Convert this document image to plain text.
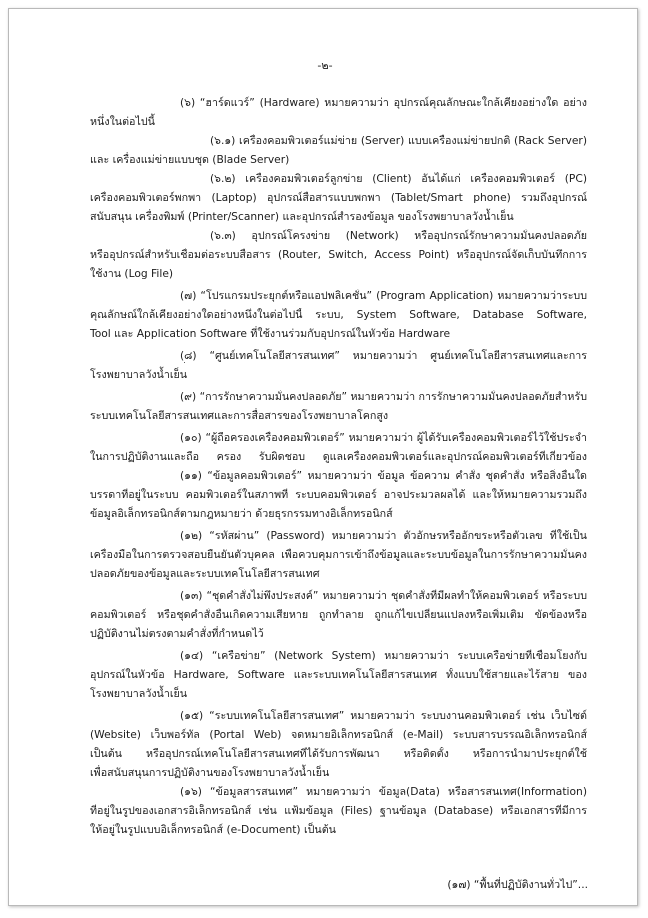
-๒-
(๖) “ฮาร์ดแวร์” (Hardware) หมายความว่า อุปกรณ์คุณลักษณะใกล้เคียงอย่างใด อย่าง
หนึ่งในต่อไปนี้
(๖.๑) เครื่องคอมพิวเตอร์แม่ข่าย (Server) แบบเครื่องแม่ข่ายปกติ (Rack Server)
และ เครื่องแม่ข่ายแบบชุด (Blade Server)
(๖.๒) เครื่องคอมพิวเตอร์ลูกข่าย (Client) อันได้แก่ เครื่องคอมพิวเตอร์ (PC)
เครื่องคอมพิวเตอร์พกพา (Laptop) อุปกรณ์สื่อสารแบบพกพา (Tablet/Smart phone) รวมถึงอุปกรณ์
สนับสนุน เครื่องพิมพ์ (Printer/Scanner) และอุปกรณ์สำรองข้อมูล ของโรงพยาบาลวังน้ำเย็น
(๖.๓) อุปกรณ์โครงข่าย (Network) หรืออุปกรณ์รักษาความมั่นคงปลอดภัย
หรืออุปกรณ์สำหรับเชื่อมต่อระบบสื่อสาร (Router, Switch, Access Point) หรืออุปกรณ์จัดเก็บบันทึกการ
ใช้งาน (Log File)
(๗) “โปรแกรมประยุกต์หรือแอปพลิเคชั่น” (Program Application) หมายความว่าระบบ
คุณลักษณ์ใกล้เคียงอย่างใดอย่างหนึ่งในต่อไปนี้ ระบบ, System Software, Database Software,
Tool และ Application Software ที่ใช้งานร่วมกับอุปกรณ์ในหัวข้อ Hardware
(๘) “ศูนย์เทคโนโลยีสารสนเทศ” หมายความว่า ศูนย์เทคโนโลยีสารสนเทศและการ
โรงพยาบาลวังน้ำเย็น
(๙) “การรักษาความมั่นคงปลอดภัย” หมายความว่า การรักษาความมั่นคงปลอดภัยสำหรับ
ระบบเทคโนโลยีสารสนเทศและการสื่อสารของโรงพยาบาลโคกสูง
(๑๐) “ผู้ถือครองเครื่องคอมพิวเตอร์” หมายความว่า ผู้ได้รับเครื่องคอมพิวเตอร์ไว้ใช้ประจำ
ในการปฏิบัติงานและถือ ครอง รับผิดชอบ ดูแลเครื่องคอมพิวเตอร์และอุปกรณ์คอมพิวเตอร์ที่เกี่ยวข้อง
(๑๑) “ข้อมูลคอมพิวเตอร์” หมายความว่า ข้อมูล ข้อความ คำสั่ง ชุดคำสั่ง หรือสิ่งอื่นใด
บรรดาที่อยู่ในระบบ คอมพิวเตอร์ในสภาพที่ ระบบคอมพิวเตอร์ อาจประมวลผลได้ และให้หมายความรวมถึง
ข้อมูลอิเล็กทรอนิกส์ตามกฎหมายว่า ด้วยธุรกรรมทางอิเล็กทรอนิกส์
(๑๒) “รหัสผ่าน” (Password) หมายความว่า ตัวอักษรหรืออักขระหรือตัวเลข ที่ใช้เป็น
เครื่องมือในการตรวจสอบยืนยันตัวบุคคล เพื่อควบคุมการเข้าถึงข้อมูลและระบบข้อมูลในการรักษาความมั่นคง
ปลอดภัยของข้อมูลและระบบเทคโนโลยีสารสนเทศ
(๑๓) “ชุดคำสั่งไม่พึงประสงค์” หมายความว่า ชุดคำสั่งที่มีผลทำให้คอมพิวเตอร์ หรือระบบ
คอมพิวเตอร์ หรือชุดคำสั่งอื่นเกิดความเสียหาย ถูกทำลาย ถูกแก้ไขเปลี่ยนแปลงหรือเพิ่มเติม ขัดข้องหรือ
ปฏิบัติงานไม่ตรงตามคำสั่งที่กำหนดไว้
(๑๔) “เครือข่าย” (Network System) หมายความว่า ระบบเครือข่ายที่เชื่อมโยงกับ
อุปกรณ์ในหัวข้อ Hardware, Software และระบบเทคโนโลยีสารสนเทศ ทั้งแบบใช้สายและไร้สาย ของ
โรงพยาบาลวังน้ำเย็น
(๑๕) “ระบบเทคโนโลยีสารสนเทศ” หมายความว่า ระบบงานคอมพิวเตอร์ เช่น เว็บไซต์
(Website) เว็บพอร์ทัล (Portal Web) จดหมายอิเล็กทรอนิกส์ (e-Mail) ระบบสารบรรณอิเล็กทรอนิกส์
เป็นต้น หรืออุปกรณ์เทคโนโลยีสารสนเทศที่ได้รับการพัฒนา หรือติดตั้ง หรือการนำมาประยุกต์ใช้
เพื่อสนับสนุนการปฏิบัติงานของโรงพยาบาลวังน้ำเย็น
(๑๖) “ข้อมูลสารสนเทศ” หมายความว่า ข้อมูล(Data) หรือสารสนเทศ(Information)
ที่อยู่ในรูปของเอกสารอิเล็กทรอนิกส์ เช่น แฟ้มข้อมูล (Files) ฐานข้อมูล (Database) หรือเอกสารที่มีการ
ให้อยู่ในรูปแบบอิเล็กทรอนิกส์ (e-Document) เป็นต้น
(๑๗) “พื้นที่ปฏิบัติงานทั่วไป”...
